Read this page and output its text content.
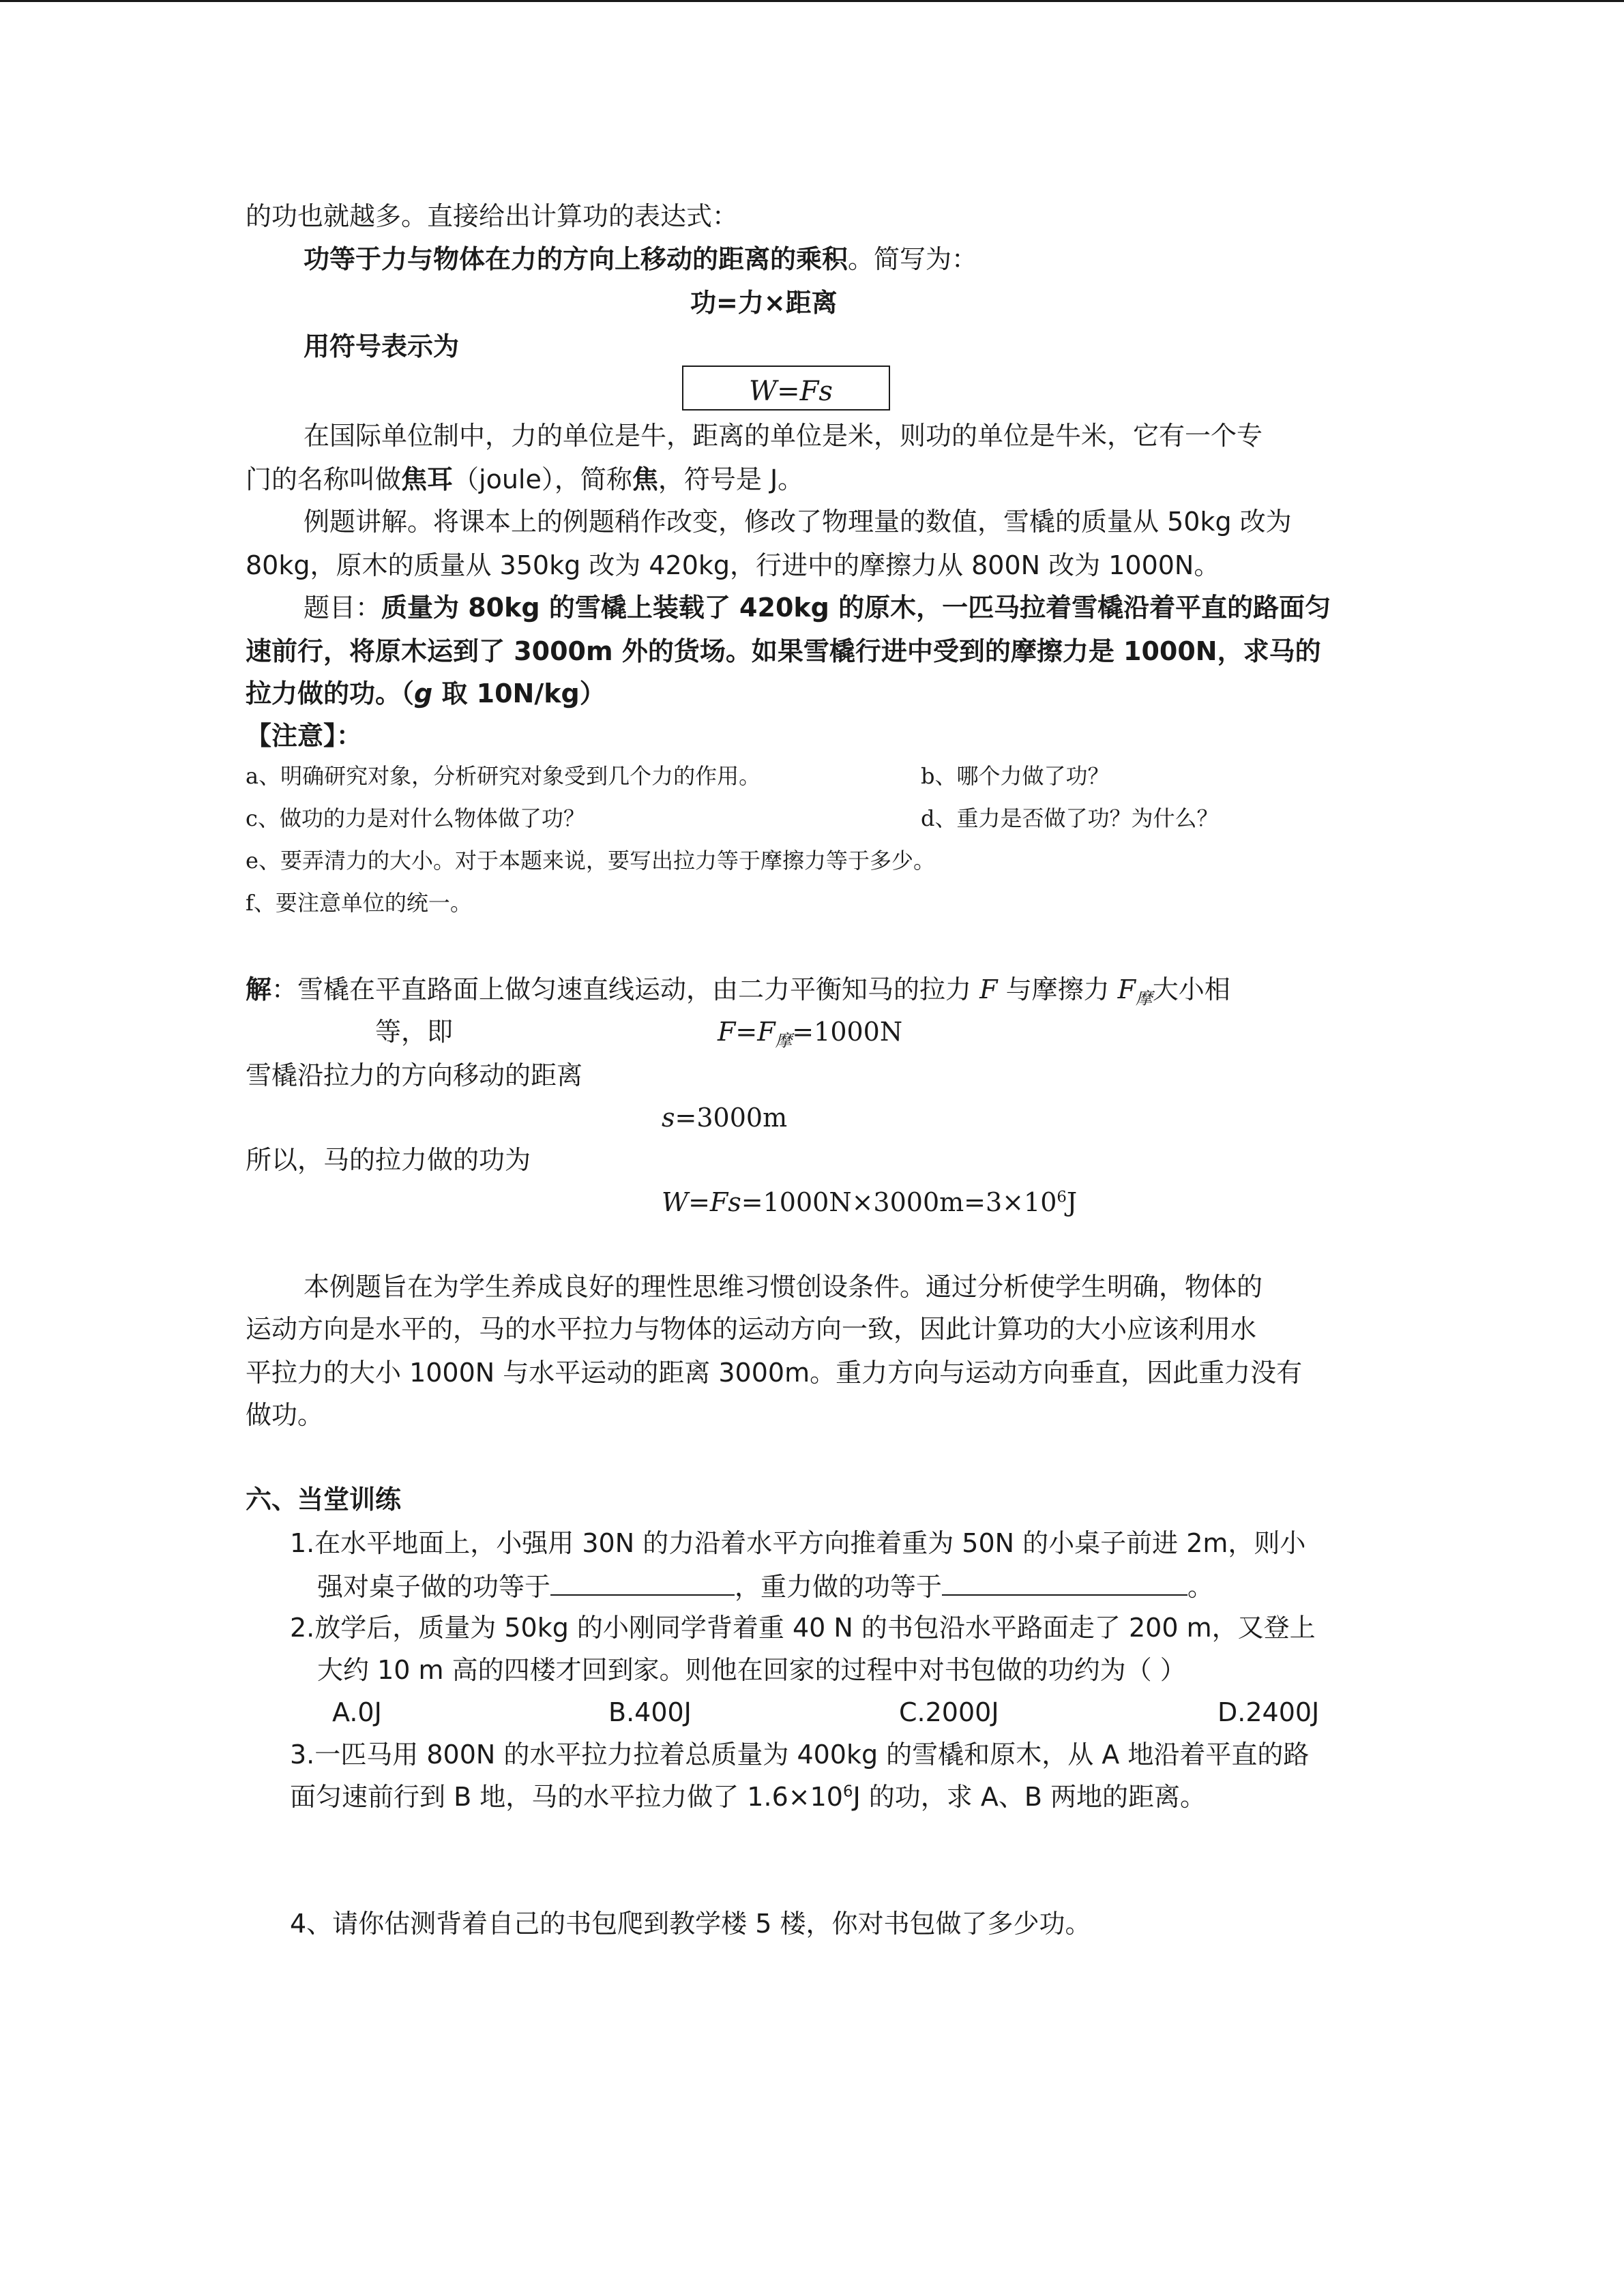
的功也就越多。直接给出计算功的表达式：
功等于力与物体在力的方向上移动的距离的乘积。简写为：
功=力×距离
用符号表示为
W=Fs
在国际单位制中，力的单位是牛，距离的单位是米，则功的单位是牛米，它有一个专
门的名称叫做焦耳（joule），简称焦，符号是 J。
例题讲解。将课本上的例题稍作改变，修改了物理量的数值，雪橇的质量从 50kg 改为
80kg，原木的质量从 350kg 改为 420kg，行进中的摩擦力从 800N 改为 1000N。
题目：质量为 80kg 的雪橇上装载了 420kg 的原木，一匹马拉着雪橇沿着平直的路面匀
速前行，将原木运到了 3000m 外的货场。如果雪橇行进中受到的摩擦力是 1000N，求马的
拉力做的功。（g 取 10N/kg）
【注意】：
a、明确研究对象，分析研究对象受到几个力的作用。	b、哪个力做了功？
c、做功的力是对什么物体做了功？	d、重力是否做了功？为什么？
e、要弄清力的大小。对于本题来说，要写出拉力等于摩擦力等于多少。
f、要注意单位的统一。
解：雪橇在平直路面上做匀速直线运动，由二力平衡知马的拉力 F 与摩擦力 $F_摩$大小相
等，即	$F=F_摩=1000N$
雪橇沿拉力的方向移动的距离
s=3000m
所以，马的拉力做的功为
$W=Fs=1000N\times 3000m=3\times 10^6J$
本例题旨在为学生养成良好的理性思维习惯创设条件。通过分析使学生明确，物体的
运动方向是水平的，马的水平拉力与物体的运动方向一致，因此计算功的大小应该利用水
平拉力的大小 1000N 与水平运动的距离 3000m。重力方向与运动方向垂直，因此重力没有
做功。
六、当堂训练
1.在水平地面上，小强用 30N 的力沿着水平方向推着重为 50N 的小桌子前进 2m，则小
强对桌子做的功等于	，重力做的功等于	。
2.放学后，质量为 50kg 的小刚同学背着重 40 N 的书包沿水平路面走了 200 m，又登上
大约 10 m 高的四楼才回到家。则他在回家的过程中对书包做的功约为（ ）
A.0J	B.400J	C.2000J	D.2400J
3.一匹马用 800N 的水平拉力拉着总质量为 400kg 的雪橇和原木，从 A 地沿着平直的路
面匀速前行到 B 地，马的水平拉力做了 $1.6\times 10^6J$ 的功，求 A、B 两地的距离。
4、请你估测背着自己的书包爬到教学楼 5 楼，你对书包做了多少功。
